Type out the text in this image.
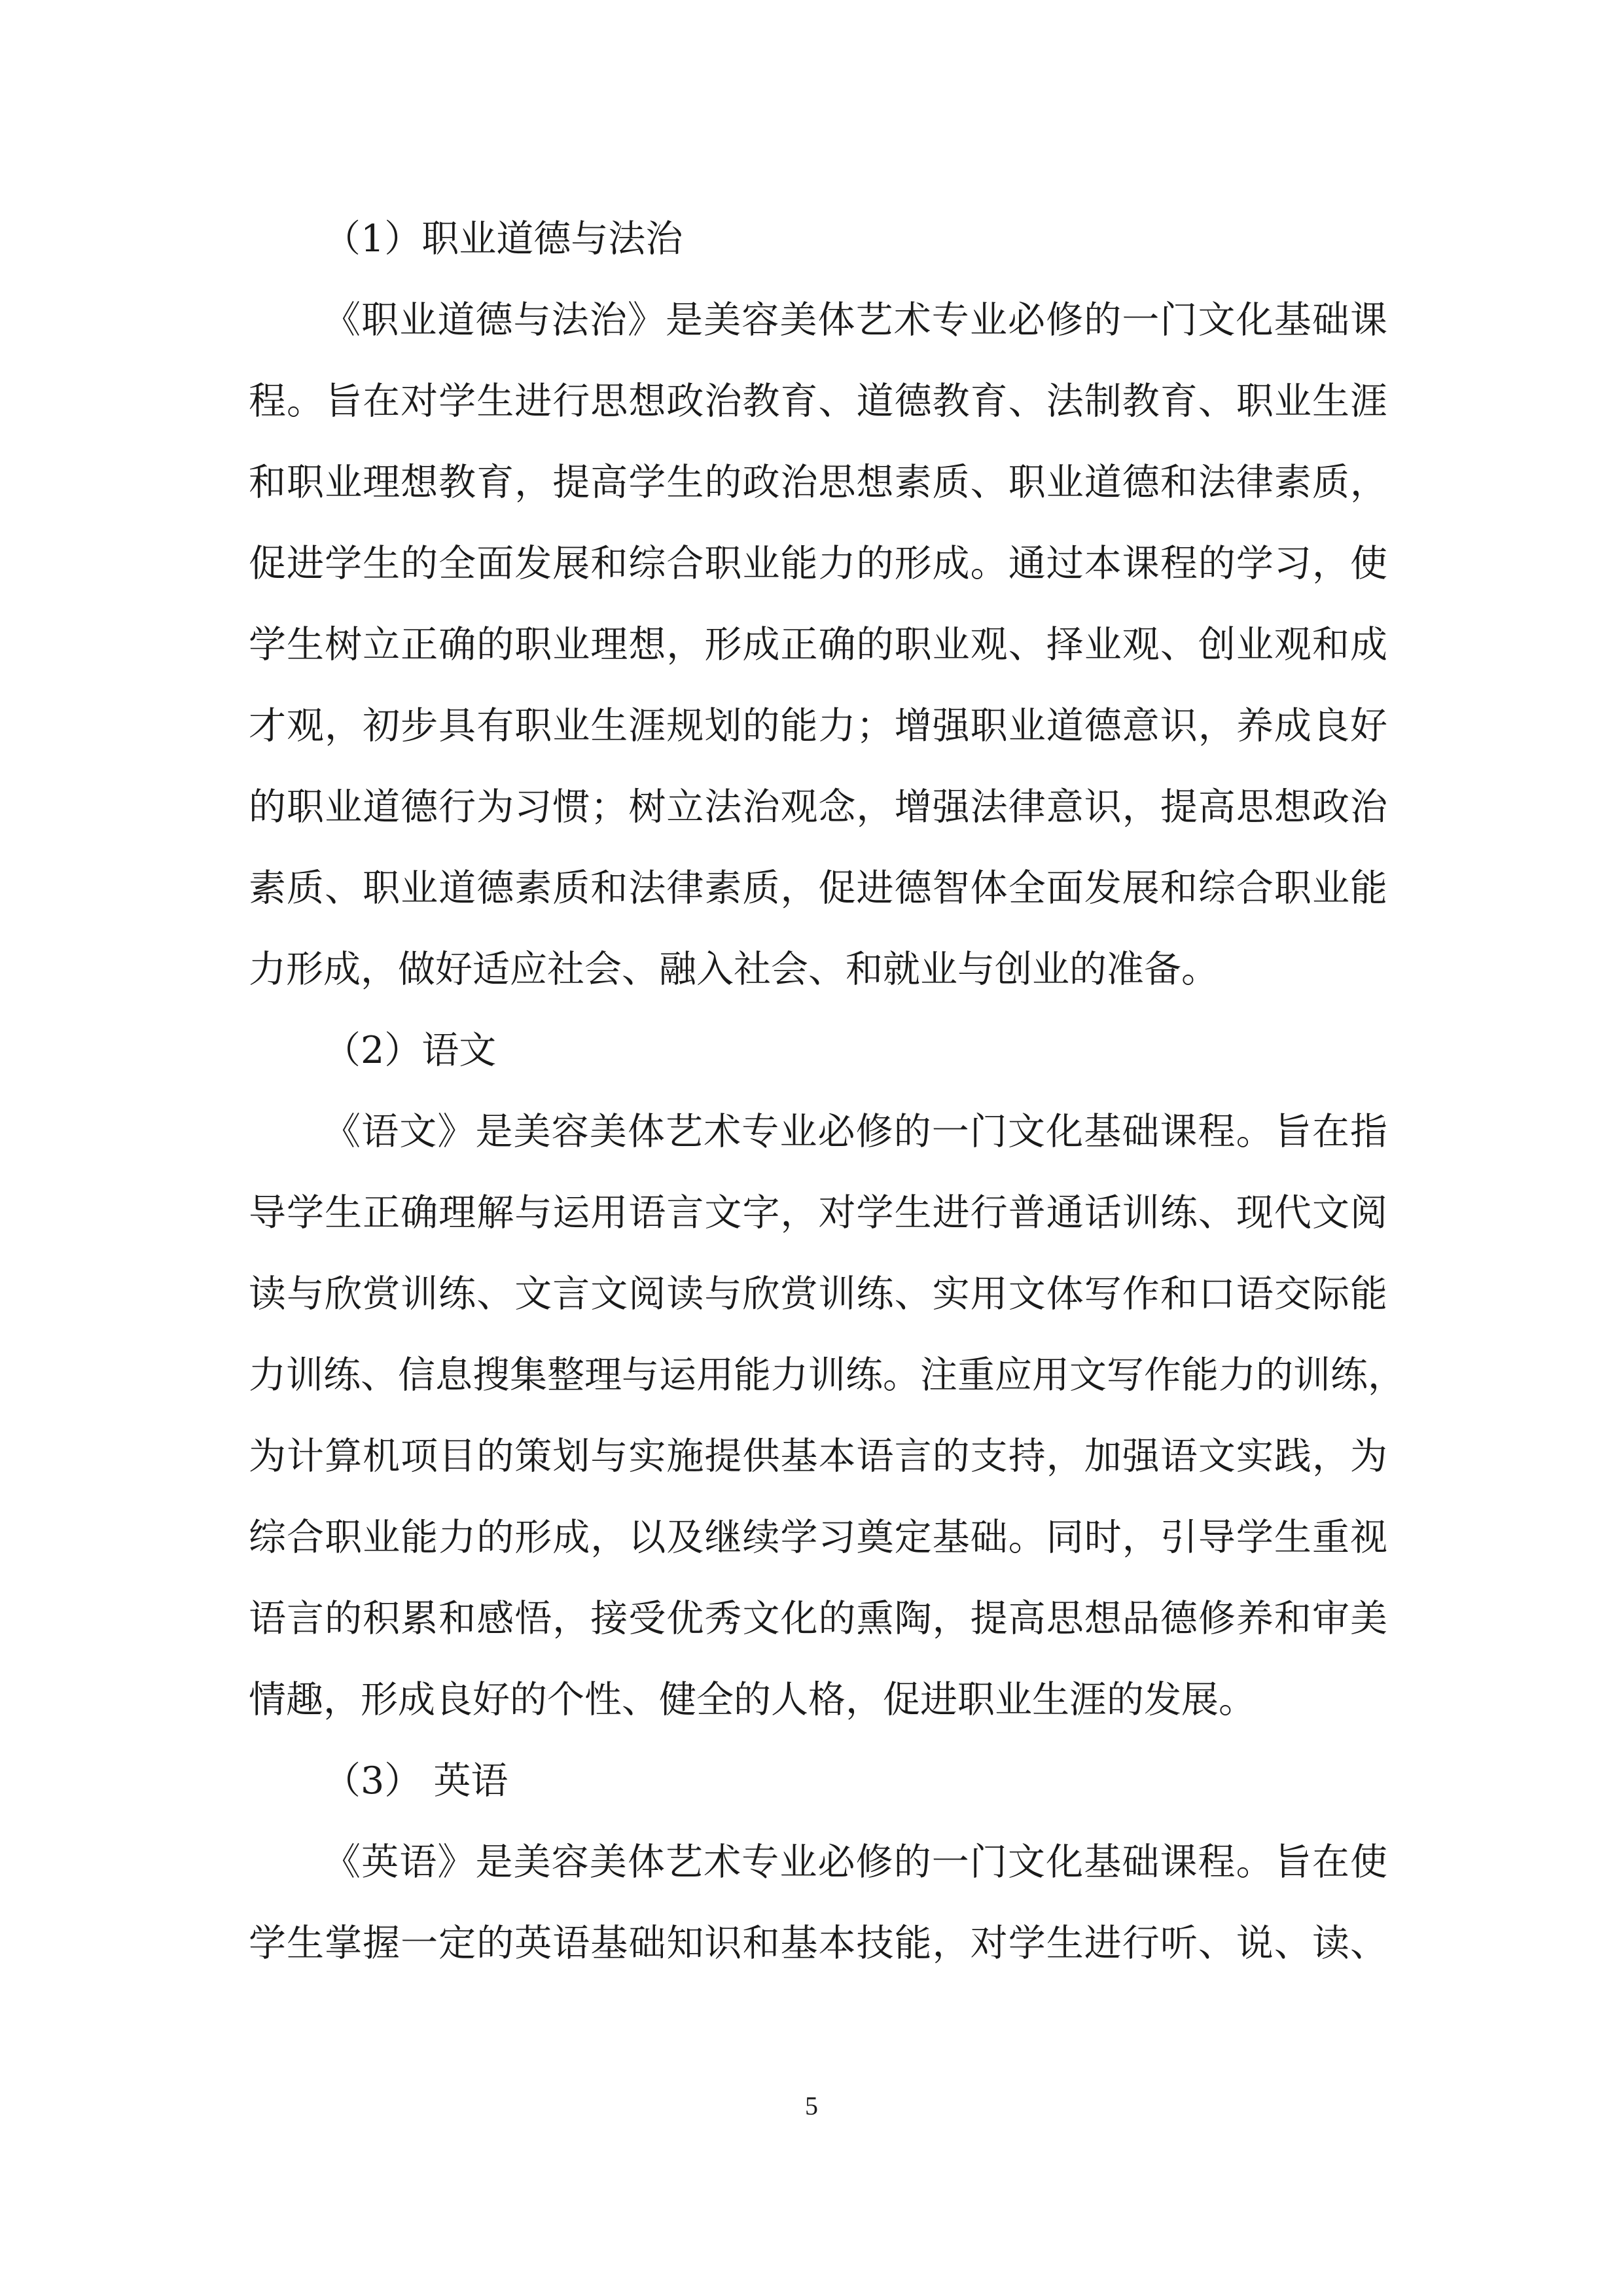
（1）职业道德与法治
《职业道德与法治》是美容美体艺术专业必修的一门文化基础课
程。旨在对学生进行思想政治教育、道德教育、法制教育、职业生涯
和职业理想教育，提高学生的政治思想素质、职业道德和法律素质，
促进学生的全面发展和综合职业能力的形成。通过本课程的学习，使
学生树立正确的职业理想，形成正确的职业观、择业观、创业观和成
才观，初步具有职业生涯规划的能力；增强职业道德意识，养成良好
的职业道德行为习惯；树立法治观念，增强法律意识，提高思想政治
素质、职业道德素质和法律素质，促进德智体全面发展和综合职业能
力形成，做好适应社会、融入社会、和就业与创业的准备。
（2）语文
《语文》是美容美体艺术专业必修的一门文化基础课程。旨在指
导学生正确理解与运用语言文字，对学生进行普通话训练、现代文阅
读与欣赏训练、文言文阅读与欣赏训练、实用文体写作和口语交际能
力训练、信息搜集整理与运用能力训练。注重应用文写作能力的训练，
为计算机项目的策划与实施提供基本语言的支持，加强语文实践，为
综合职业能力的形成，以及继续学习奠定基础。同时，引导学生重视
语言的积累和感悟，接受优秀文化的熏陶，提高思想品德修养和审美
情趣，形成良好的个性、健全的人格，促进职业生涯的发展。
（3） 英语
《英语》是美容美体艺术专业必修的一门文化基础课程。旨在使
学生掌握一定的英语基础知识和基本技能，对学生进行听、说、读、
5
